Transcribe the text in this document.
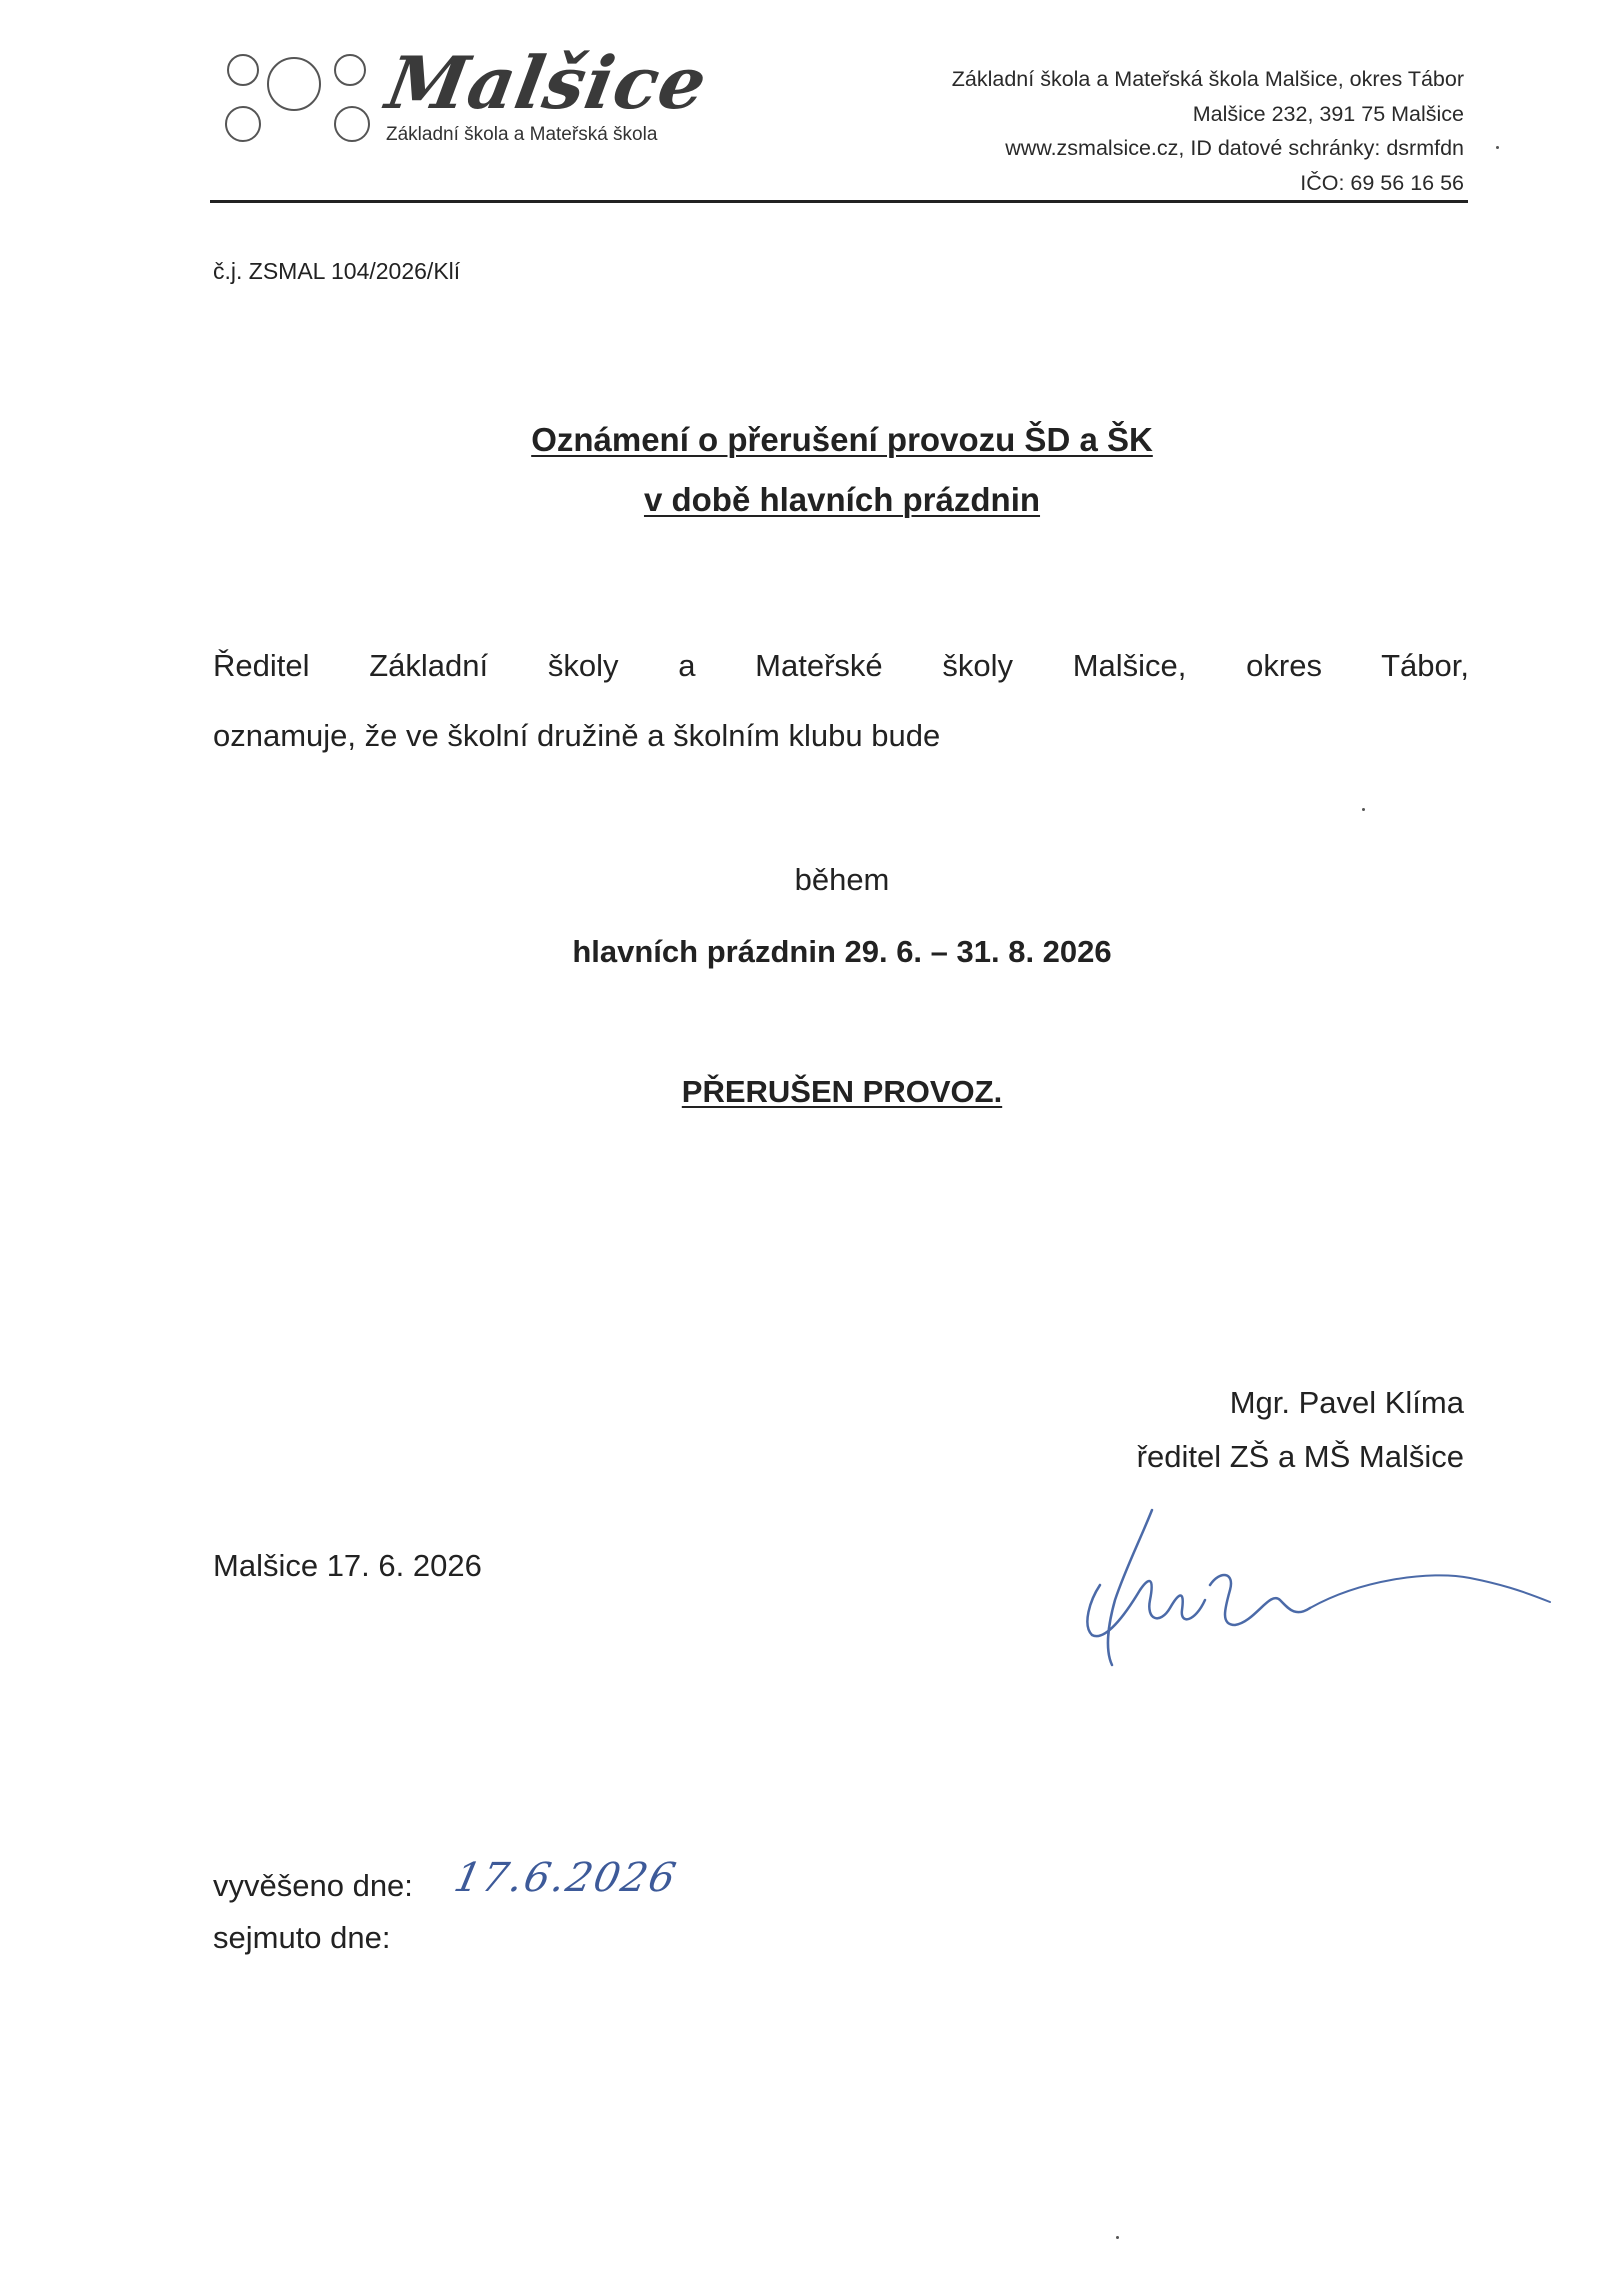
Malšice
Základní škola a Mateřská škola
Základní škola a Mateřská škola Malšice, okres Tábor
Malšice 232, 391 75 Malšice
www.zsmalsice.cz, ID datové schránky: dsrmfdn
IČO: 69 56 16 56
č.j. ZSMAL 104/2026/Klí
Oznámení o přerušení provozu ŠD a ŠK
v době hlavních prázdnin
Ředitel Základní školy a Mateřské školy Malšice, okres Tábor,
oznamuje, že ve školní družině a školním klubu bude
během
hlavních prázdnin 29. 6. – 31. 8. 2026
PŘERUŠEN PROVOZ.
Mgr. Pavel Klíma
ředitel ZŠ a MŠ Malšice
Malšice 17. 6. 2026
vyvěšeno dne: 17.6.2026
sejmuto dne:
